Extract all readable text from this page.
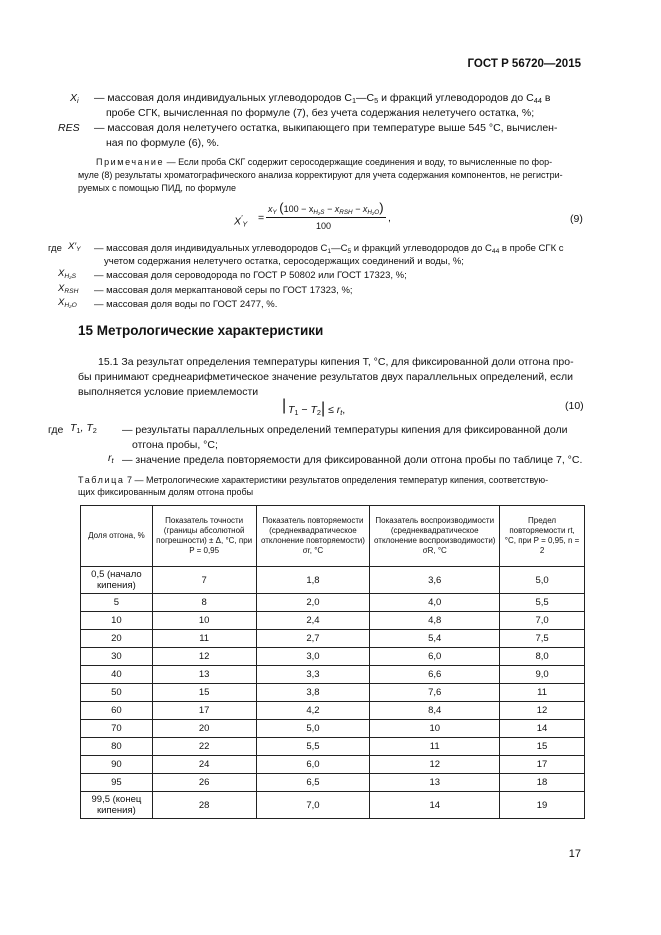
ГОСТ Р 56720—2015
$X_i$ — массовая доля индивидуальных углеводородов $С_1—С_5$ и фракций углеводородов до $С_{44}$ в
пробе СГК, вычисленная по формуле (7), без учета содержания нелетучего остатка, %;
RES — массовая доля нелетучего остатка, выкипающего при температуре выше 545 °С, вычислен-
ная по формуле (6), %.
Примечание — Если проба СКГ содержит серосодержащие соединения и воду, то вычисленные по фор-
муле (8) результаты хроматографического анализа корректируют для учета содержания компонентов, не регистри-
руемых с помощью ПИД, по формуле
$X'_Y$ =
$x_Y$ $(100 - x_{H_2S} - x_{RSH} - x_{H_2O})$
100
,	(9)
где $X'_Y$ — массовая доля индивидуальных углеводородов $С_1—С_5$ и фракций углеводородов до $С_{44}$ в пробе СГК с
учетом содержания нелетучего остатка, серосодержащих соединений и воды, %;
$X_{H_2S}$ — массовая доля сероводорода по ГОСТ Р 50802 или ГОСТ 17323, %;
$X_{RSH}$ — массовая доля меркаптановой серы по ГОСТ 17323, %;
$X_{H_2O}$ — массовая доля воды по ГОСТ 2477, %.
15 Метрологические характеристики
15.1 За результат определения температуры кипения T, °С, для фиксированной доли отгона про-
бы принимают среднеарифметическое значение результатов двух параллельных определений, если
выполняется условие приемлемости
| $T_1 - T_2| \le r_t$,	(10)
где $T_1$, $T_2$ — результаты параллельных определений температуры кипения для фиксированной доли
отгона пробы, °С;
$r_t$ — значение предела повторяемости для фиксированной доли отгона пробы по таблице 7, °С.
Таблица 7 — Метрологические характеристики результатов определения температур кипения, соответствую-
щих фиксированным долям отгона пробы
Доля отгона, %	Показатель точности (границы абсолютной погрешности) ± Δ, °С, при P = 0,95	Показатель повторяемости (среднеквадратическое отклонение повторяемости) σr, °С	Показатель воспроизводимости (среднеквадратическое отклонение воспроизводимости) σR, °С	Предел повторяемости rt, °С, при P = 0,95, n = 2
0,5 (начало кипения)	7	1,8	3,6	5,0
5	8	2,0	4,0	5,5
10	10	2,4	4,8	7,0
20	11	2,7	5,4	7,5
30	12	3,0	6,0	8,0
40	13	3,3	6,6	9,0
50	15	3,8	7,6	11
60	17	4,2	8,4	12
70	20	5,0	10	14
80	22	5,5	11	15
90	24	6,0	12	17
95	26	6,5	13	18
99,5 (конец кипения)	28	7,0	14	19
17
